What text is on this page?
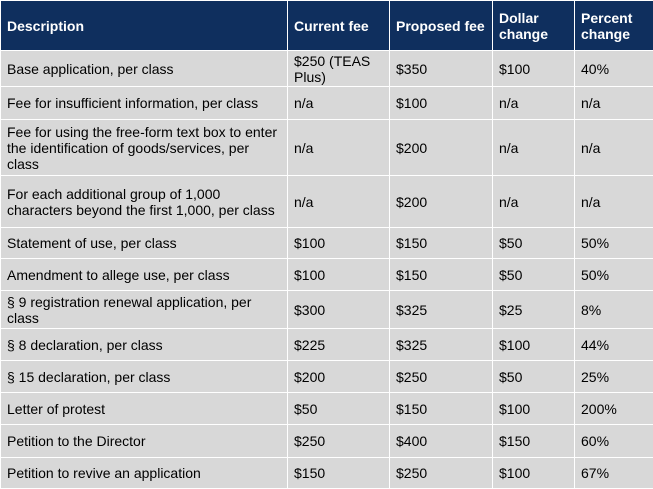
Description	Current fee	Proposed fee	Dollar change	Percent change
Base application, per class	$250 (TEAS Plus)	$350	$100	40%
Fee for insufficient information, per class	n/a	$100	n/a	n/a
Fee for using the free-form text box to enter the identification of goods/services, per class	n/a	$200	n/a	n/a
For each additional group of 1,000 characters beyond the first 1,000, per class	n/a	$200	n/a	n/a
Statement of use, per class	$100	$150	$50	50%
Amendment to allege use, per class	$100	$150	$50	50%
§ 9 registration renewal application, per class	$300	$325	$25	8%
§ 8 declaration, per class	$225	$325	$100	44%
§ 15 declaration, per class	$200	$250	$50	25%
Letter of protest	$50	$150	$100	200%
Petition to the Director	$250	$400	$150	60%
Petition to revive an application	$150	$250	$100	67%
